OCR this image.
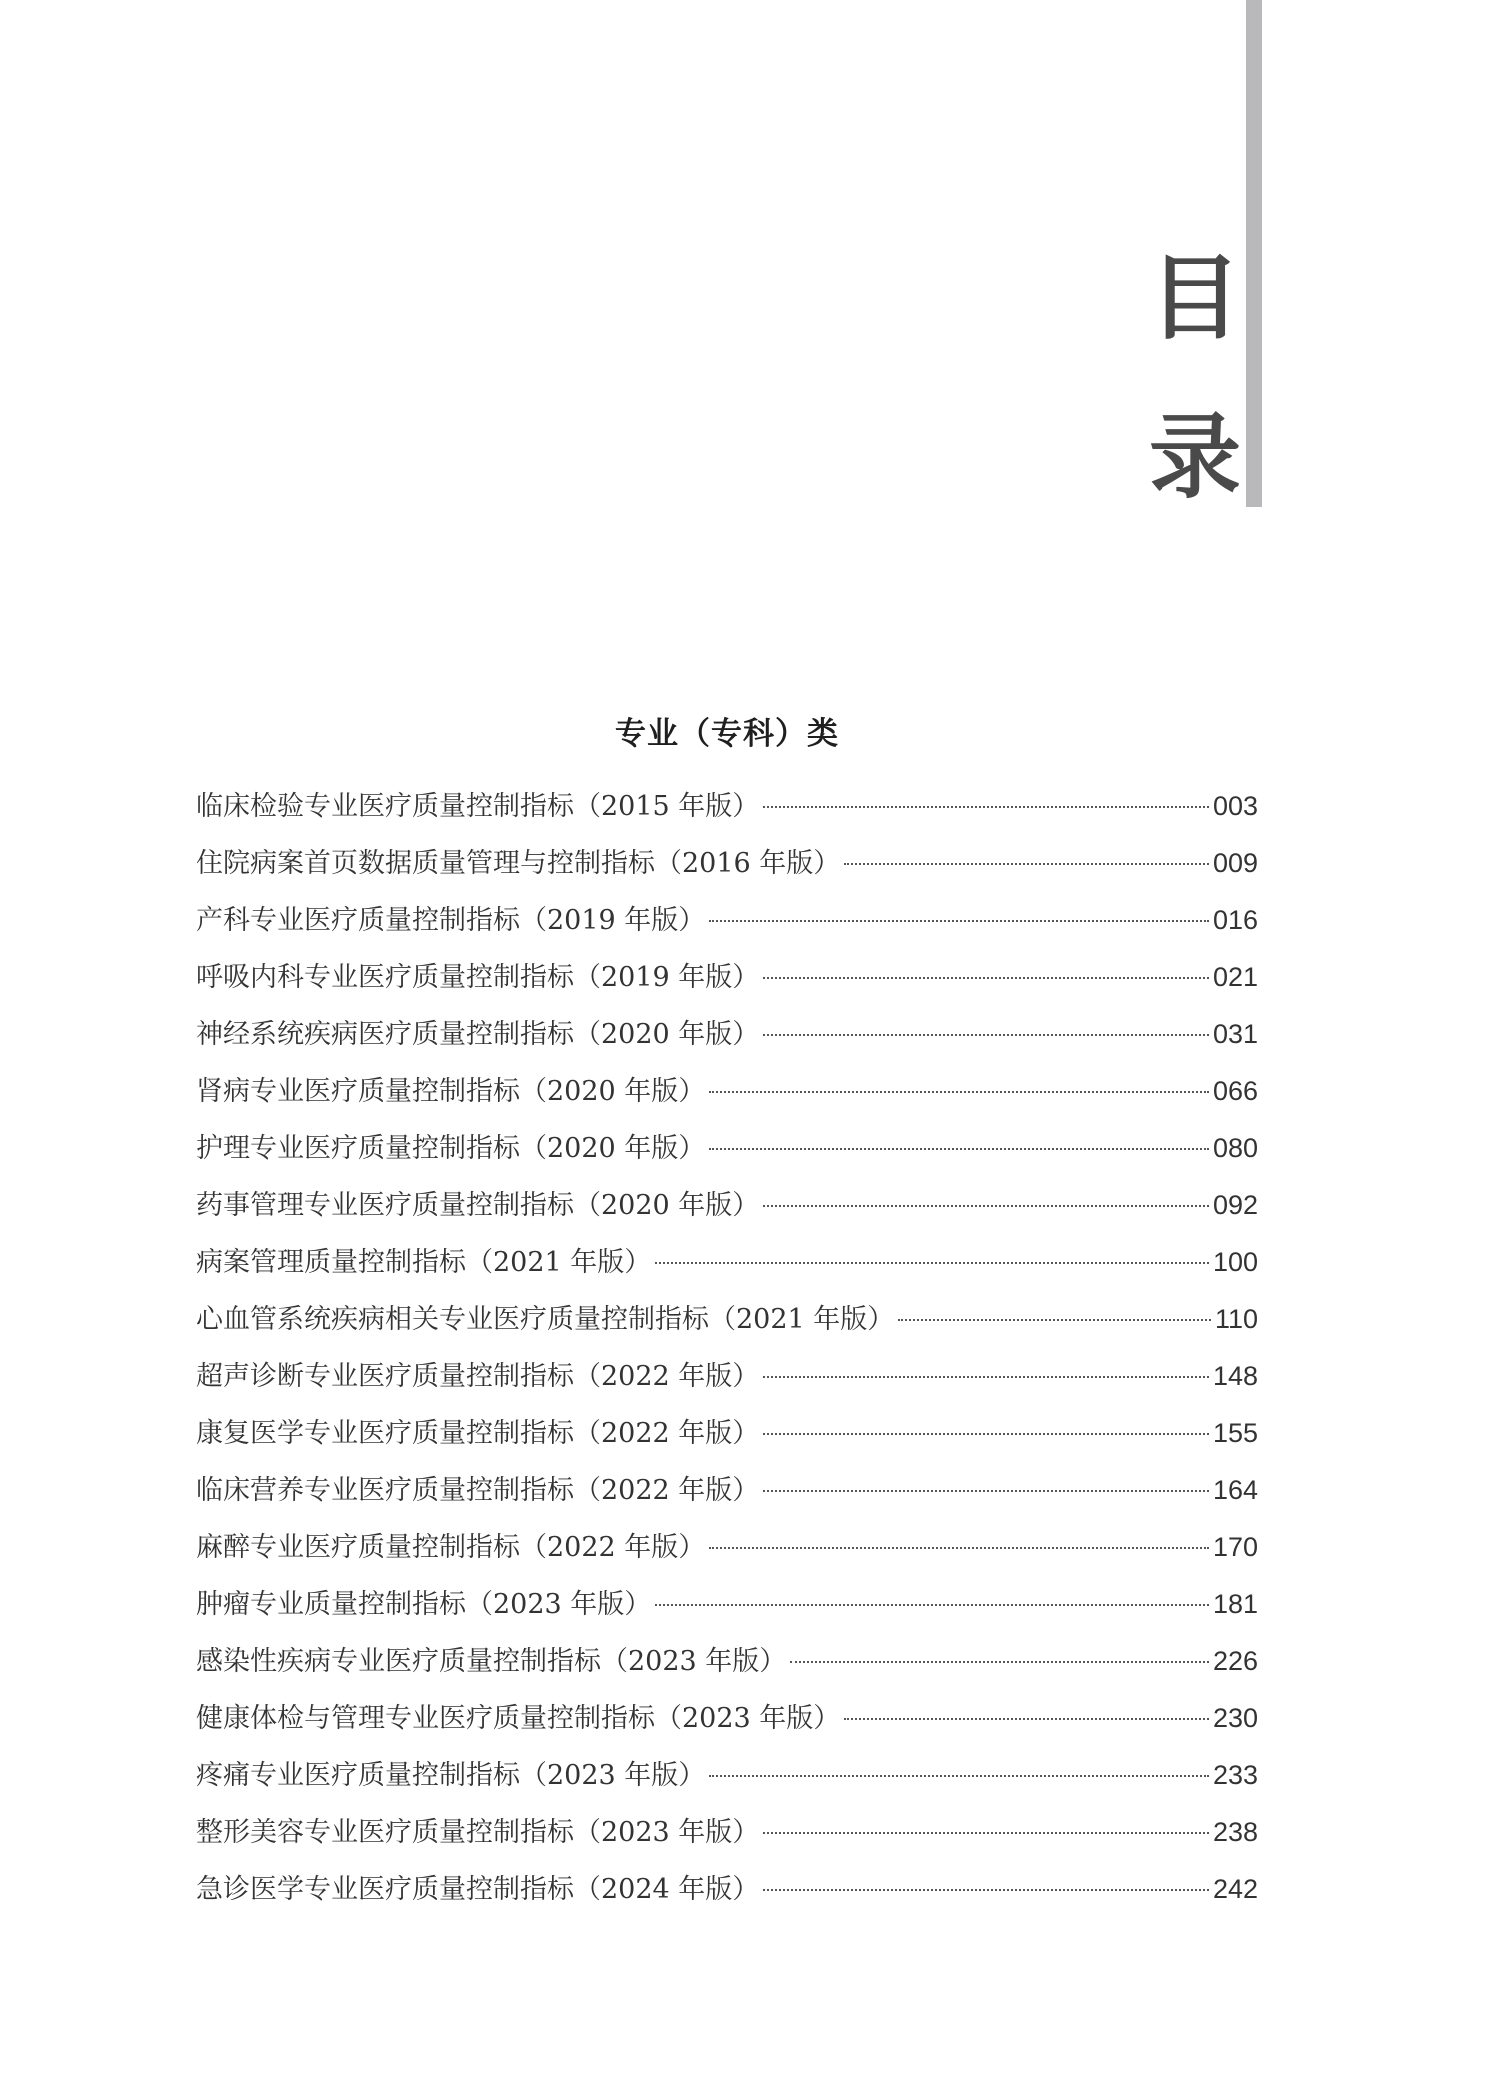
目
录
专业（专科）类
临床检验专业医疗质量控制指标（2015 年版）	003
住院病案首页数据质量管理与控制指标（2016 年版）	009
产科专业医疗质量控制指标（2019 年版）	016
呼吸内科专业医疗质量控制指标（2019 年版）	021
神经系统疾病医疗质量控制指标（2020 年版）	031
肾病专业医疗质量控制指标（2020 年版）	066
护理专业医疗质量控制指标（2020 年版）	080
药事管理专业医疗质量控制指标（2020 年版）	092
病案管理质量控制指标（2021 年版）	100
心血管系统疾病相关专业医疗质量控制指标（2021 年版）	110
超声诊断专业医疗质量控制指标（2022 年版）	148
康复医学专业医疗质量控制指标（2022 年版）	155
临床营养专业医疗质量控制指标（2022 年版）	164
麻醉专业医疗质量控制指标（2022 年版）	170
肿瘤专业质量控制指标（2023 年版）	181
感染性疾病专业医疗质量控制指标（2023 年版）	226
健康体检与管理专业医疗质量控制指标（2023 年版）	230
疼痛专业医疗质量控制指标（2023 年版）	233
整形美容专业医疗质量控制指标（2023 年版）	238
急诊医学专业医疗质量控制指标（2024 年版）	242
